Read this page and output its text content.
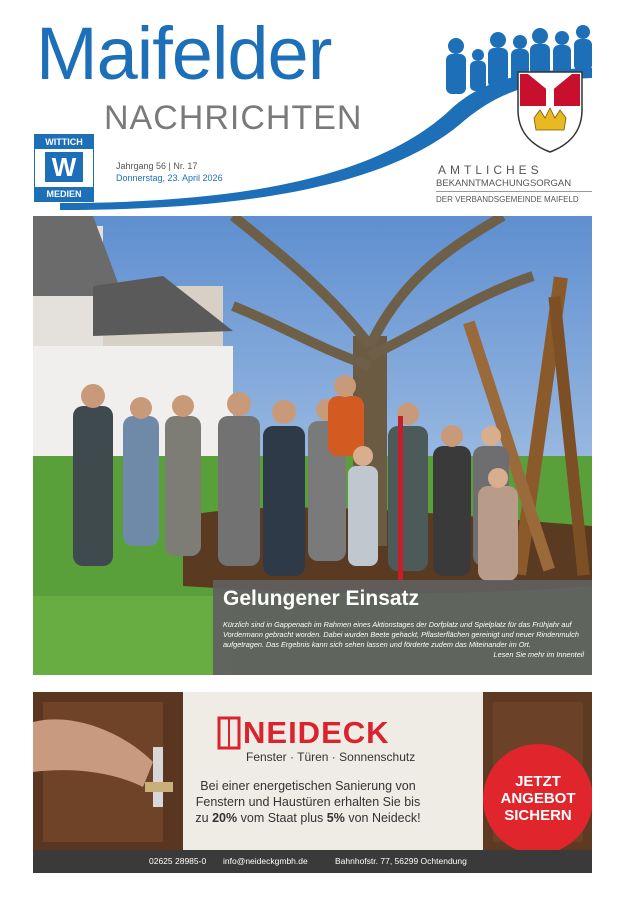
Maifelder
NACHRICHTEN
WITTICH
W
MEDIEN
Jahrgang 56 | Nr. 17
Donnerstag, 23. April 2026
AMTLICHES
BEKANNTMACHUNGSORGAN
DER VERBANDSGEMEINDE MAIFELD
Gelungener Einsatz
Kürzlich sind in Gappenach im Rahmen eines Aktionstages der Dorfplatz und Spielplatz für das Frühjahr auf Vordermann gebracht worden. Dabei wurden Beete gehackt, Pflasterflächen gereinigt und neuer Rindenmulch aufgetragen. Das Ergebnis kann sich sehen lassen und förderte zudem das Miteinander im Ort.
Lesen Sie mehr im Innenteil
NEIDECK
Fenster · Türen · Sonnenschutz
Bei einer energetischen Sanierung von
Fenstern und Haustüren erhalten Sie bis
zu 20% vom Staat plus 5% von Neideck!
JETZT
ANGEBOT
SICHERN
02625 28985-0 info@neideckgmbh.de	Bahnhofstr. 77, 56299 Ochtendung
